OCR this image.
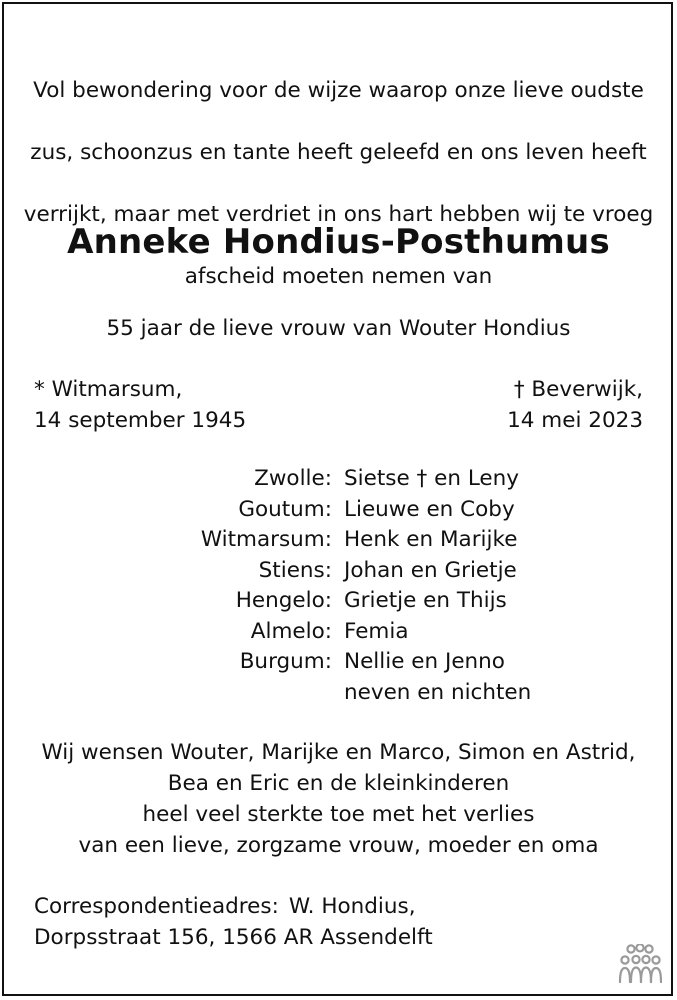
Vol bewondering voor de wijze waarop onze lieve oudste

zus, schoonzus en tante heeft geleefd en ons leven heeft

verrijkt, maar met verdriet in ons hart hebben wij te vroeg

afscheid moeten nemen van

Anneke Hondius-Posthumus
55 jaar de lieve vrouw van Wouter Hondius
* Witmarsum,
14 september 1945
† Beverwijk,
14 mei 2023
Zwolle: Sietse † en Leny
Goutum: Lieuwe en Coby
Witmarsum: Henk en Marijke
Stiens: Johan en Grietje
Hengelo: Grietje en Thijs
Almelo: Femia
Burgum: Nellie en Jenno
neven en nichten
Wij wensen Wouter, Marijke en Marco, Simon en Astrid,
Bea en Eric en de kleinkinderen
heel veel sterkte toe met het verlies
van een lieve, zorgzame vrouw, moeder en oma
Correspondentieadres: W. Hondius,
Dorpsstraat 156, 1566 AR Assendelft
